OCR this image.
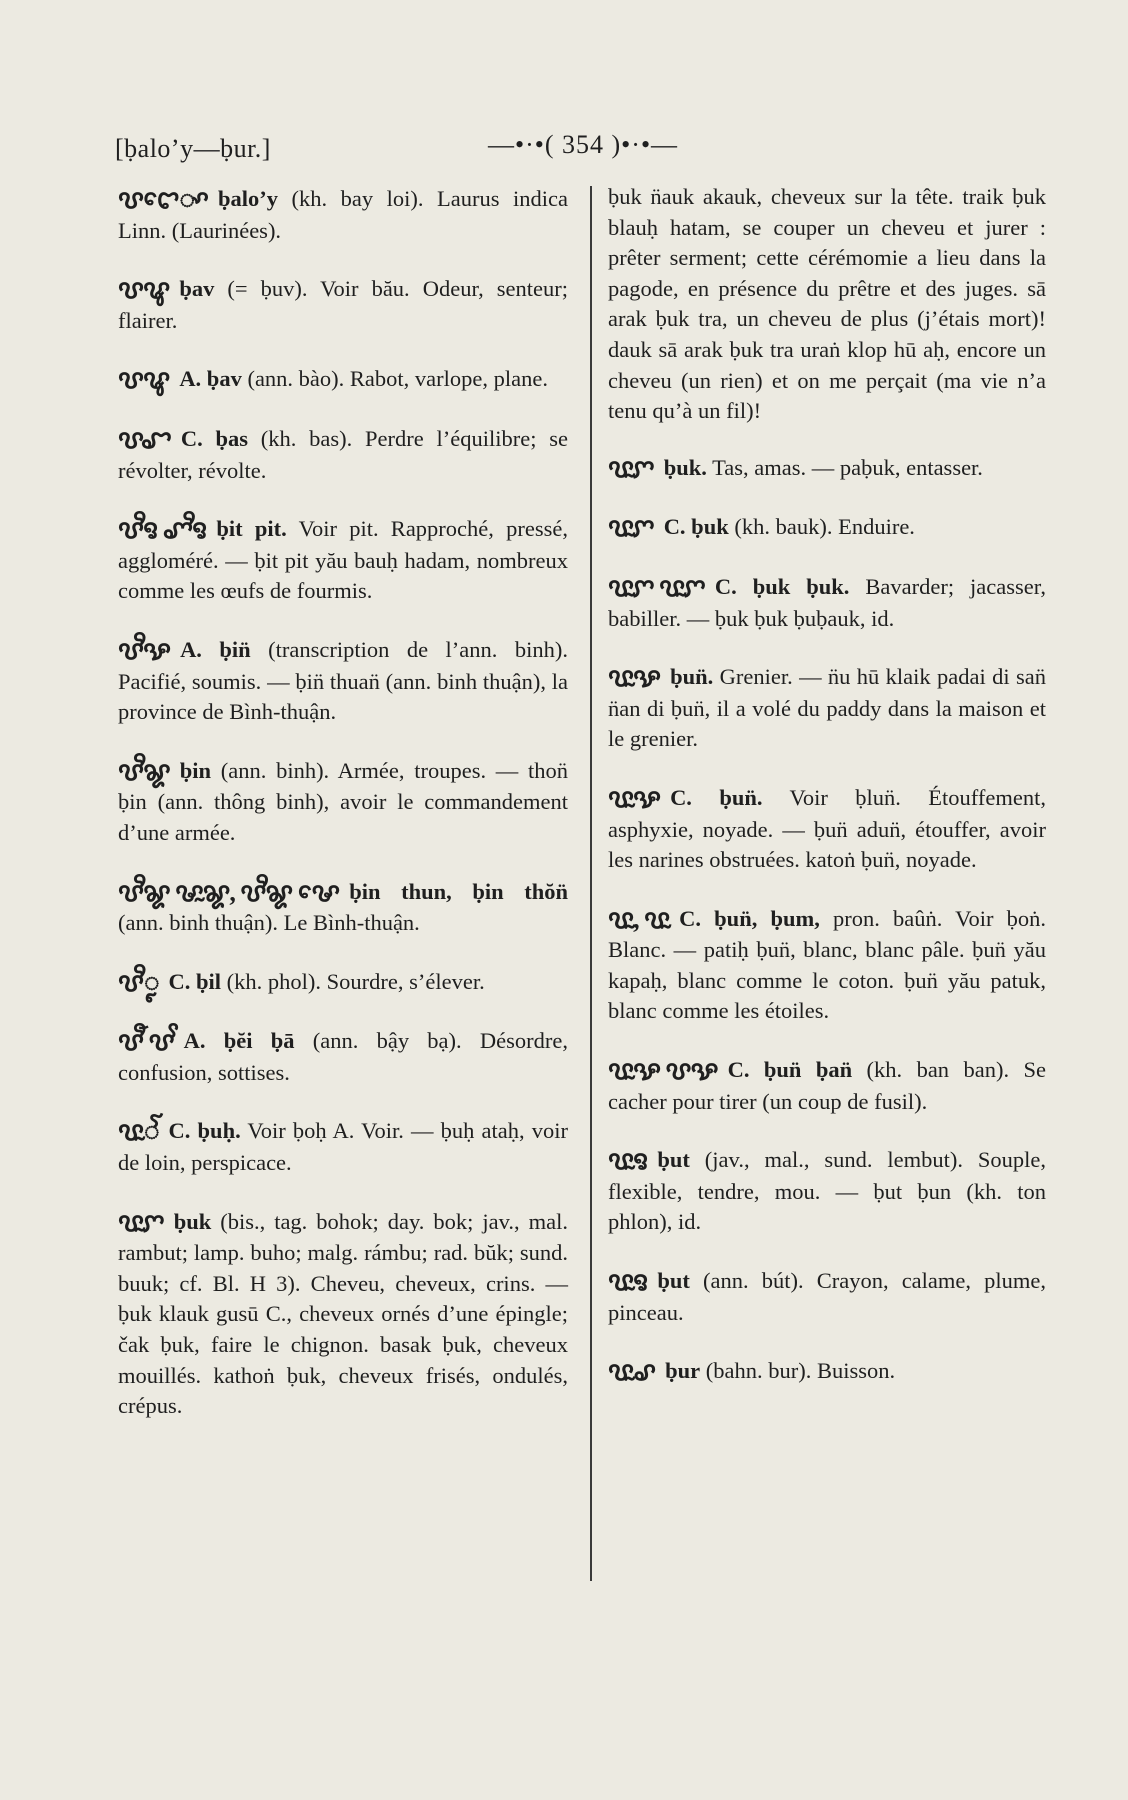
[ḅalo’y—ḅur.]	—•·•( 354 )•·•—

ꨝꨤꨯꨳ ḅalo’y (kh. bay loi). Laurus indica Linn. (Laurinées).

ꨝꨥ ḅav (= ḅuv). Voir bău. Odeur, senteur; flairer.

ꨝꨥ A. ḅav (ann. bào). Rabot, varlope, plane.

ꨝꨧ C. ḅas (kh. bas). Perdre l’équilibre; se révolter, révolte.

ꨝꨪꨅ ꨚꨪꨅ ḅit pit. Voir pit. Rapproché, pressé, aggloméré. — ḅit pit yău bauḥ hadam, nombreux comme les œufs de fourmis.

ꨝꨪꨊ A. ḅin̈ (transcription de l’ann. binh). Pacifié, soumis. — ḅin̈ thuan̈ (ann. binh thuận), la province de Bình-thuận.

ꨝꨪꨘ ḅin (ann. binh). Armée, troupes. — thon̈ ḅin (ann. thông binh), avoir le commandement d’une armée.

ꨝꨪꨘ ꨔꨭꨘ, ꨝꨪꨘ ꨔꨯ ḅin thun, ḅin thŏn̈ (ann. binh thuận). Le Bình-thuận.

ꨝꨪꨵ C. ḅil (kh. phol). Sourdre, s’élever.

ꨝꨬ ꨝꨩ A. ḅĕi ḅā (ann. bậy bạ). Désordre, confusion, sottises.

ꨝꨭꨱ C. ḅuḥ. Voir ḅoḥ A. Voir. — ḅuḥ ataḥ, voir de loin, perspicace.

ꨝꨭꨆ ḅuk (bis., tag. bohok; day. bok; jav., mal. rambut; lamp. buho; malg. rámbu; rad. bŭk; sund. buuk; cf. Bl. H 3). Cheveu, cheveux, crins. — ḅuk klauk gusū C., cheveux ornés d’une épingle; čak ḅuk, faire le chignon. basak ḅuk, cheveux mouillés. kathoṅ ḅuk, cheveux frisés, ondulés, crépus.

ḅuk n̈auk akauk, cheveux sur la tête. traik ḅuk blauḥ hatam, se couper un cheveu et jurer : prêter serment; cette cérémomie a lieu dans la pagode, en présence du prêtre et des juges. sā arak ḅuk tra, un cheveu de plus (j’étais mort)! dauk sā arak ḅuk tra uraṅ klop hū aḥ, encore un cheveu (un rien) et on me perçait (ma vie n’a tenu qu’à un fil)!

ꨝꨭꨆ ḅuk. Tas, amas. — paḅuk, entasser.

ꨝꨭꨆ C. ḅuk (kh. bauk). Enduire.

ꨝꨭꨆ ꨝꨭꨆ C. ḅuk ḅuk. Bavarder; jacasser, babiller. — ḅuk ḅuk ḅuḅauk, id.

ꨝꨭꨊ ḅun̈. Grenier. — n̈u hū klaik padai di san̈ n̈an di ḅun̈, il a volé du paddy dans la maison et le grenier.

ꨝꨭꨊ C. ḅun̈. Voir ḅlun̈. Étouffement, asphyxie, noyade. — ḅun̈ adun̈, étouffer, avoir les narines obstruées. katoṅ ḅun̈, noyade.

ꨝꨭ, ꨝꨭ C. ḅun̈, ḅum, pron. baûṅ. Voir ḅoṅ. Blanc. — patiḥ ḅun̈, blanc, blanc pâle. ḅun̈ yău kapaḥ, blanc comme le coton. ḅun̈ yău patuk, blanc comme les étoiles.

ꨝꨭꨊ ꨝꨊ C. ḅun̈ ḅan̈ (kh. ban ban). Se cacher pour tirer (un coup de fusil).

ꨝꨭꨅ ḅut (jav., mal., sund. lembut). Souple, flexible, tendre, mou. — ḅut ḅun (kh. ton phlon), id.

ꨝꨭꨅ ḅut (ann. bút). Crayon, calame, plume, pinceau.

ꨝꨭꨣ ḅur (bahn. bur). Buisson.
